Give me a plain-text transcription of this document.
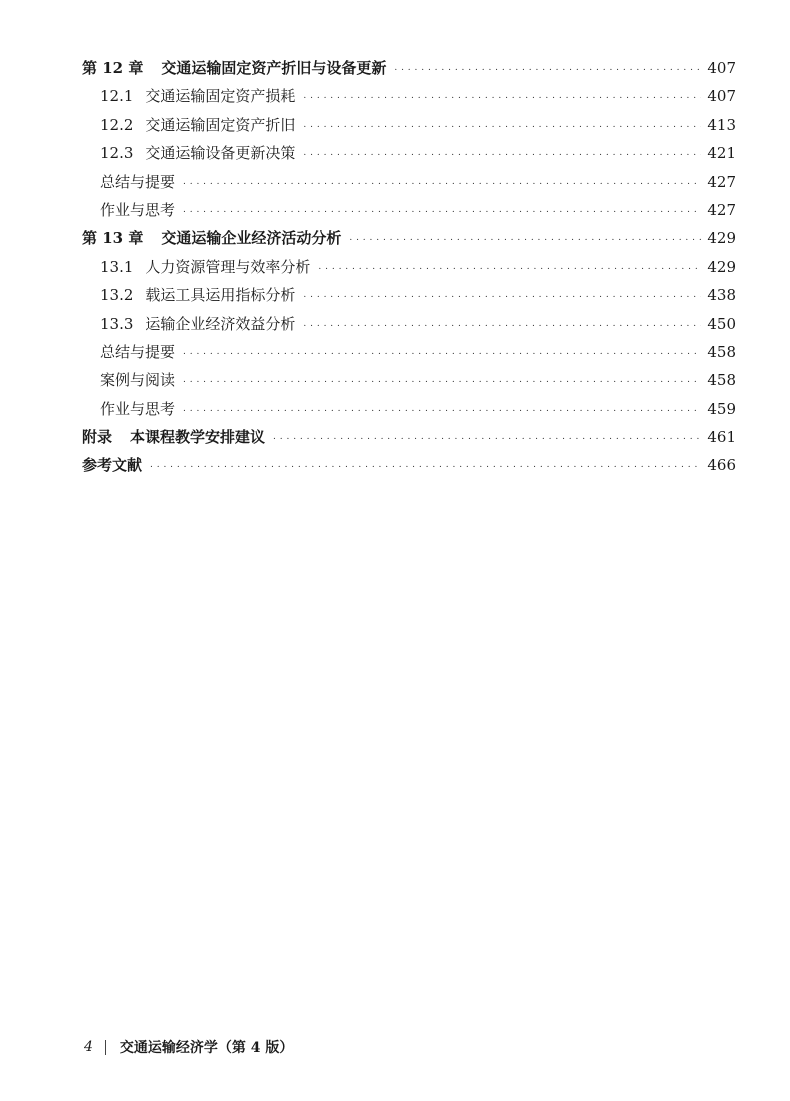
第 12 章 交通运输固定资产折旧与设备更新 . . .	407
12.1 交通运输固定资产损耗 . . .	407
12.2 交通运输固定资产折旧 . . .	413
12.3 交通运输设备更新决策 . . .	421
总结与提要 . . .	427
作业与思考 . . .	427
第 13 章 交通运输企业经济活动分析 . . .	429
13.1 人力资源管理与效率分析 . . .	429
13.2 载运工具运用指标分析 . . .	438
13.3 运输企业经济效益分析 . . .	450
总结与提要 . . .	458
案例与阅读 . . .	458
作业与思考 . . .	459
附录 本课程教学安排建议 . . .	461
参考文献 . . .	466
4 交通运输经济学（第 4 版）
